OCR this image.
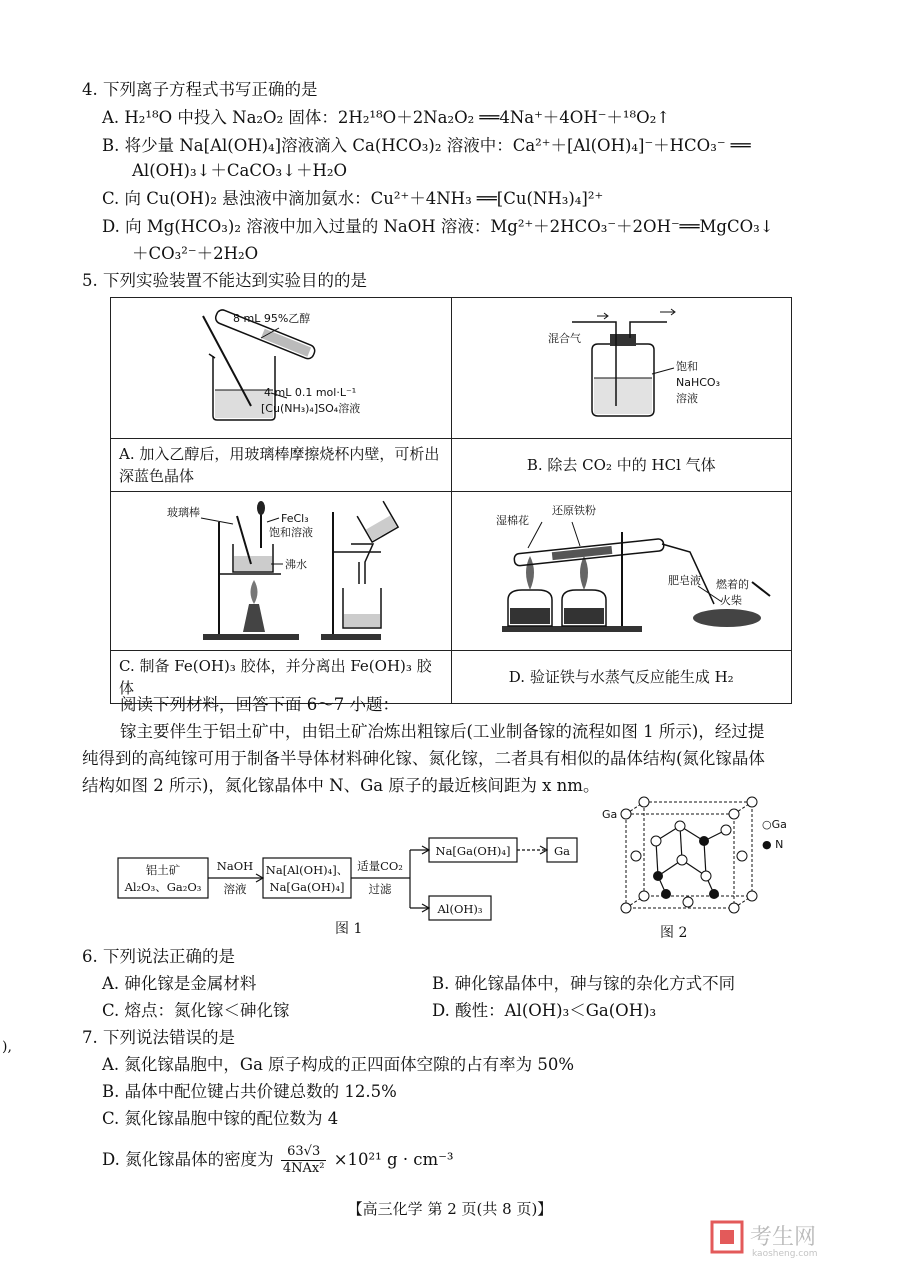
4. 下列离子方程式书写正确的是
A. H₂¹⁸O 中投入 Na₂O₂ 固体：2H₂¹⁸O＋2Na₂O₂ ══4Na⁺＋4OH⁻＋¹⁸O₂↑
B. 将少量 Na[Al(OH)₄]溶液滴入 Ca(HCO₃)₂ 溶液中：Ca²⁺＋[Al(OH)₄]⁻＋HCO₃⁻ ══
Al(OH)₃↓＋CaCO₃↓＋H₂O
C. 向 Cu(OH)₂ 悬浊液中滴加氨水：Cu²⁺＋4NH₃ ══[Cu(NH₃)₄]²⁺
D. 向 Mg(HCO₃)₂ 溶液中加入过量的 NaOH 溶液：Mg²⁺＋2HCO₃⁻＋2OH⁻══MgCO₃↓
＋CO₃²⁻＋2H₂O
5. 下列实验装置不能达到实验目的的是
8 mL 95%乙醇
4 mL 0.1 mol·L⁻¹
[Cu(NH₃)₄]SO₄溶液	混合气
饱和
NaHCO₃
溶液

A. 加入乙醇后，用玻璃棒摩擦烧杯内壁，可析出深蓝色晶体	B. 除去 CO₂ 中的 HCl 气体

玻璃棒 FeCl₃
饱和溶液
沸水	湿棉花
还原铁粉
肥皂液 燃着的
火柴

C. 制备 Fe(OH)₃ 胶体，并分离出 Fe(OH)₃ 胶体	D. 验证铁与水蒸气反应能生成 H₂
阅读下列材料，回答下面 6～7 小题：
镓主要伴生于铝土矿中，由铝土矿冶炼出粗镓后(工业制备镓的流程如图 1 所示)，经过提
纯得到的高纯镓可用于制备半导体材料砷化镓、氮化镓，二者具有相似的晶体结构(氮化镓晶体
结构如图 2 所示)，氮化镓晶体中 N、Ga 原子的最近核间距为 x nm。
铝土矿
Al₂O₃、Ga₂O₃
NaOH
溶液
Na[Al(OH)₄]、
Na[Ga(OH)₄]
适量CO₂
过滤
Na[Ga(OH)₄]	Ga
Al(OH)₃
图 1
Ga
○Ga
● N
图 2
6. 下列说法正确的是
A. 砷化镓是金属材料	B. 砷化镓晶体中，砷与镓的杂化方式不同
C. 熔点：氮化镓＜砷化镓	D. 酸性：Al(OH)₃＜Ga(OH)₃
7. 下列说法错误的是
A. 氮化镓晶胞中，Ga 原子构成的正四面体空隙的占有率为 50%
B. 晶体中配位键占共价键总数的 12.5%
C. 氮化镓晶胞中镓的配位数为 4
D. 氮化镓晶体的密度为	63√3
4NAx² ×10²¹ g · cm⁻³
),
【高三化学 第 2 页(共 8 页)】
考生网
kaosheng.com
